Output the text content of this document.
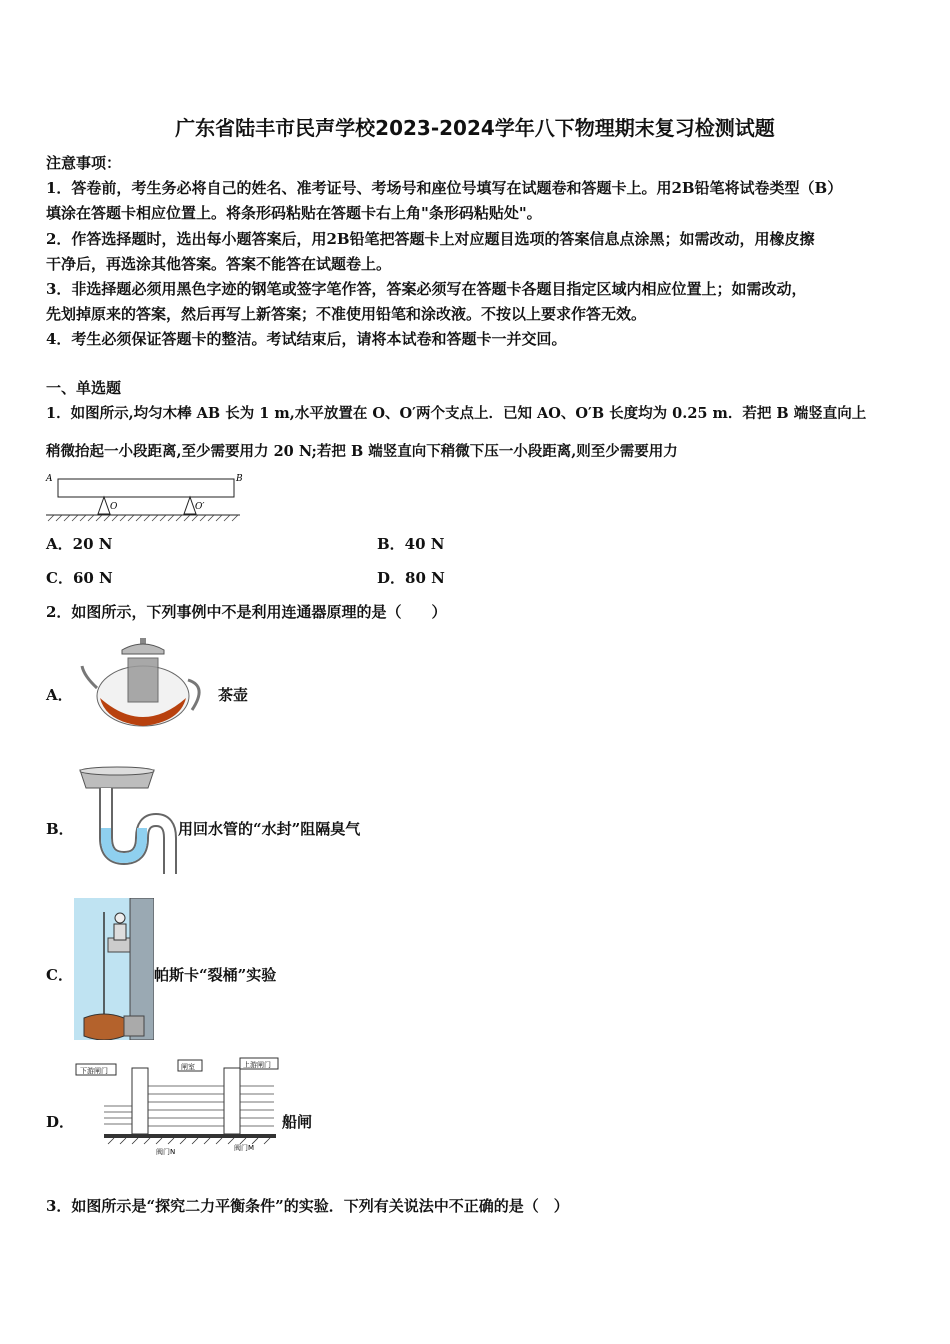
广东省陆丰市民声学校2023-2024学年八下物理期末复习检测试题
注意事项：
1．答卷前，考生务必将自己的姓名、准考证号、考场号和座位号填写在试题卷和答题卡上。用2B铅笔将试卷类型（B）
填涂在答题卡相应位置上。将条形码粘贴在答题卡右上角"条形码粘贴处"。
2．作答选择题时，选出每小题答案后，用2B铅笔把答题卡上对应题目选项的答案信息点涂黑；如需改动，用橡皮擦
干净后，再选涂其他答案。答案不能答在试题卷上。
3．非选择题必须用黑色字迹的钢笔或签字笔作答，答案必须写在答题卡各题目指定区域内相应位置上；如需改动，
先划掉原来的答案，然后再写上新答案；不准使用铅笔和涂改液。不按以上要求作答无效。
4．考生必须保证答题卡的整洁。考试结束后，请将本试卷和答题卡一并交回。
一、单选题
1．如图所示,均匀木棒 AB 长为 1 m,水平放置在 O、O′两个支点上．已知 AO、O′B 长度均为 0.25 m．若把 B 端竖直向上
稍微抬起一小段距离,至少需要用力 20 N;若把 B 端竖直向下稍微下压一小段距离,则至少需要用力
A	B
O	O′
A．20 N	B．40 N
C．60 N	D．80 N
2．如图所示，下列事例中不是利用连通器原理的是（　　）
A．	茶壶
B．	用回水管的“水封”阻隔臭气
C．	帕斯卡“裂桶”实验
D．
下游闸门	闸室	上游闸门
阀门N	阀门M
船闸
3．如图所示是“探究二力平衡条件”的实验．下列有关说法中不正确的是（　）
